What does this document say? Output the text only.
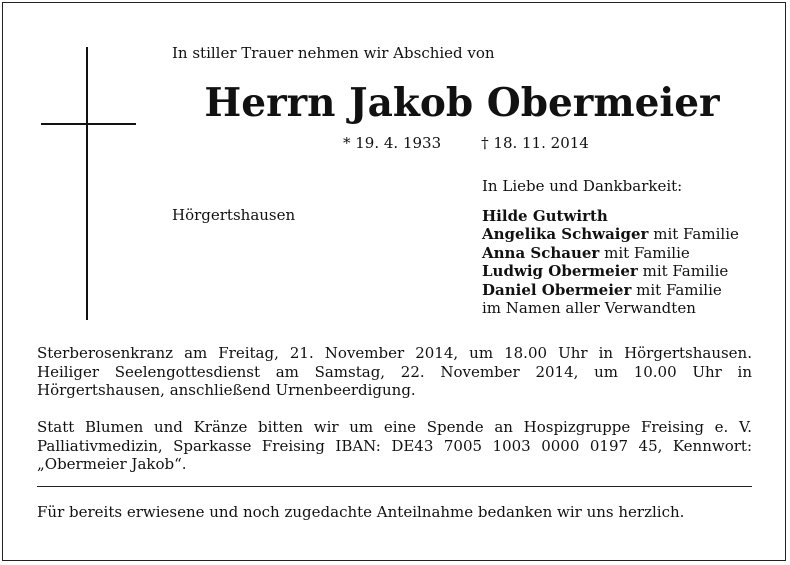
In stiller Trauer nehmen wir Abschied von
Herrn Jakob Obermeier
* 19. 4. 1933	† 18. 11. 2014
Hörgertshausen
In Liebe und Dankbarkeit:
Hilde Gutwirth
Angelika Schwaiger mit Familie
Anna Schauer mit Familie
Ludwig Obermeier mit Familie
Daniel Obermeier mit Familie
im Namen aller Verwandten
Sterberosenkranz am Freitag, 21. November 2014, um 18.00 Uhr in Hörgertshausen. Heiliger Seelengottesdienst am Samstag, 22. November 2014, um 10.00 Uhr in Hörgertshausen, anschließend Urnenbeerdigung.
Statt Blumen und Kränze bitten wir um eine Spende an Hospizgruppe Freising e. V. Palliativmedizin, Sparkasse Freising IBAN: DE43 7005 1003 0000 0197 45, Kennwort: „Obermeier Jakob“.
Für bereits erwiesene und noch zugedachte Anteilnahme bedanken wir uns herzlich.
